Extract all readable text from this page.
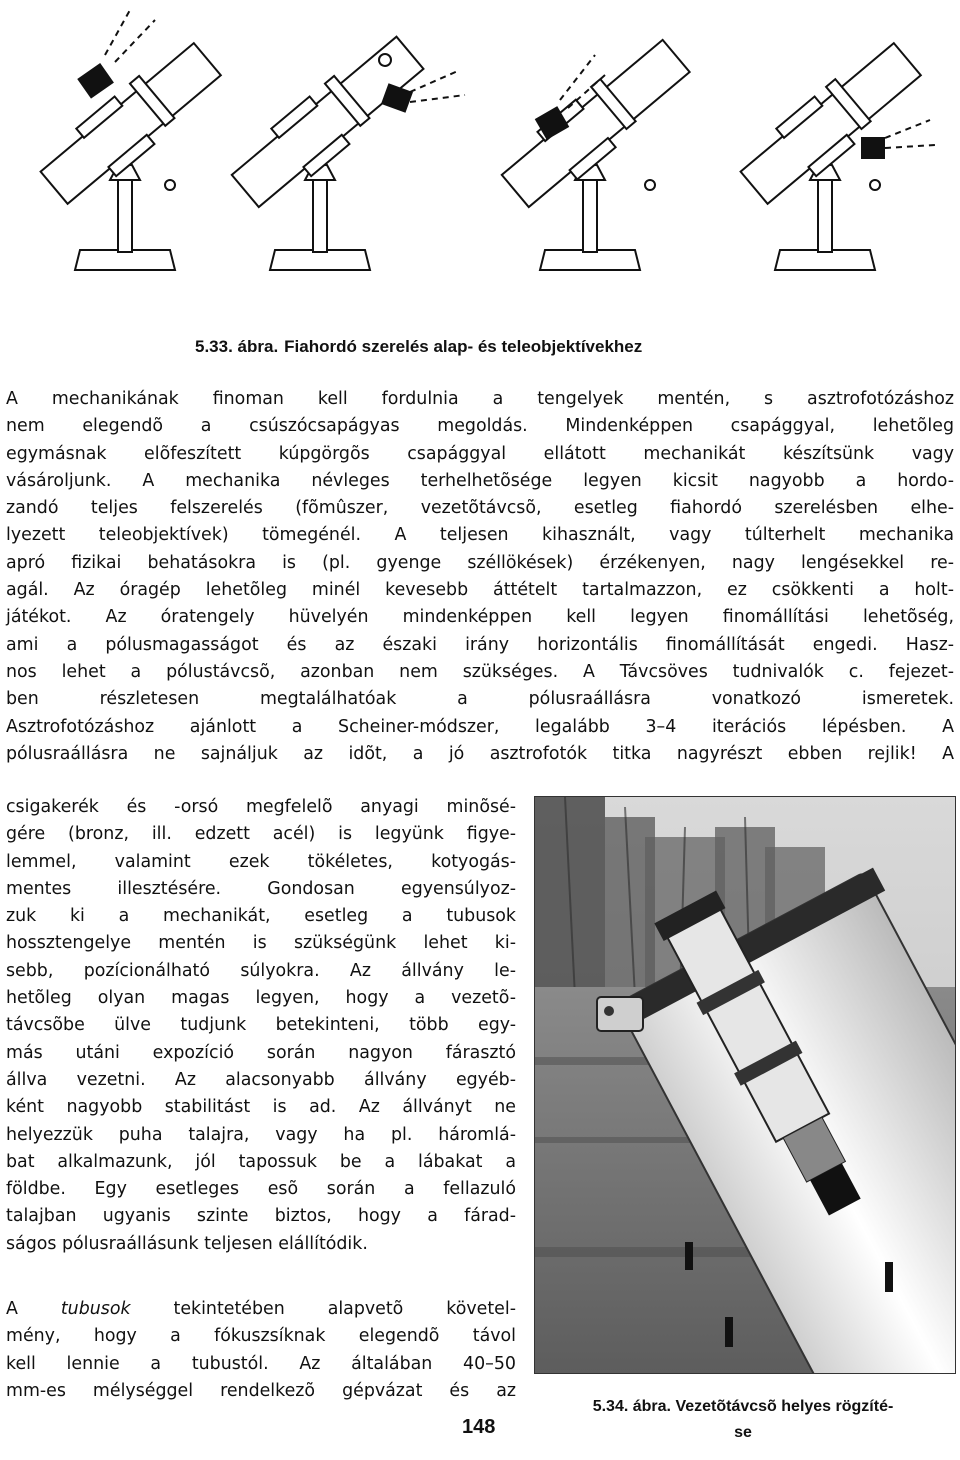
5.33. ábra. Fiahordó szerelés alap- és teleobjektívekhez

A mechanikának finoman kell fordulnia a tengelyek mentén, s asztrofotózáshoz
nem elegendõ a csúszócsapágyas megoldás. Mindenképpen csapággyal, lehetõleg
egymásnak elõfeszített kúpgörgõs csapággyal ellátott mechanikát készítsünk vagy
vásároljunk. A mechanika névleges terhelhetõsége legyen kicsit nagyobb a hordo-
zandó teljes felszerelés (fõmûszer, vezetõtávcsõ, esetleg fiahordó szerelésben elhe-
lyezett teleobjektívek) tömegénél. A teljesen kihasznált, vagy túlterhelt mechanika
apró fizikai behatásokra is (pl. gyenge széllökések) érzékenyen, nagy lengésekkel re-
agál. Az óragép lehetõleg minél kevesebb áttételt tartalmazzon, ez csökkenti a holt-
játékot. Az óratengely hüvelyén mindenképpen kell legyen finomállítási lehetõség,
ami a pólusmagasságot és az északi irány horizontális finomállítását engedi. Hasz-
nos lehet a pólustávcsõ, azonban nem szükséges. A Távcsöves tudnivalók c. fejezet-
ben részletesen megtalálhatóak a pólusraállásra vonatkozó ismeretek.
Asztrofotózáshoz ajánlott a Scheiner-módszer, legalább 3–4 iterációs lépésben. A
pólusraállásra ne sajnáljuk az idõt, a jó asztrofotók titka nagyrészt ebben rejlik! A

csigakerék és -orsó megfelelõ anyagi minõsé-
gére (bronz, ill. edzett acél) is legyünk figye-
lemmel, valamint ezek tökéletes, kotyogás-
mentes illesztésére. Gondosan egyensúlyoz-
zuk ki a mechanikát, esetleg a tubusok
hossztengelye mentén is szükségünk lehet ki-
sebb, pozícionálható súlyokra. Az állvány le-
hetõleg olyan magas legyen, hogy a vezetõ-
távcsõbe ülve tudjunk betekinteni, több egy-
más utáni expozíció során nagyon fárasztó
állva vezetni. Az alacsonyabb állvány egyéb-
ként nagyobb stabilitást is ad. Az állványt ne
helyezzük puha talajra, vagy ha pl. háromlá-
bat alkalmazunk, jól tapossuk be a lábakat a
földbe. Egy esetleges esõ során a fellazuló
talajban ugyanis szinte biztos, hogy a fárad-
ságos pólusraállásunk teljesen elállítódik.

A tubusok tekintetében alapvetõ követel-
mény, hogy a fókuszsíknak elegendõ távol
kell lennie a tubustól. Az általában 40–50
mm-es mélységgel rendelkezõ gépvázat és az

5.34. ábra. Vezetõtávcsõ helyes rögzíté-
se
148
